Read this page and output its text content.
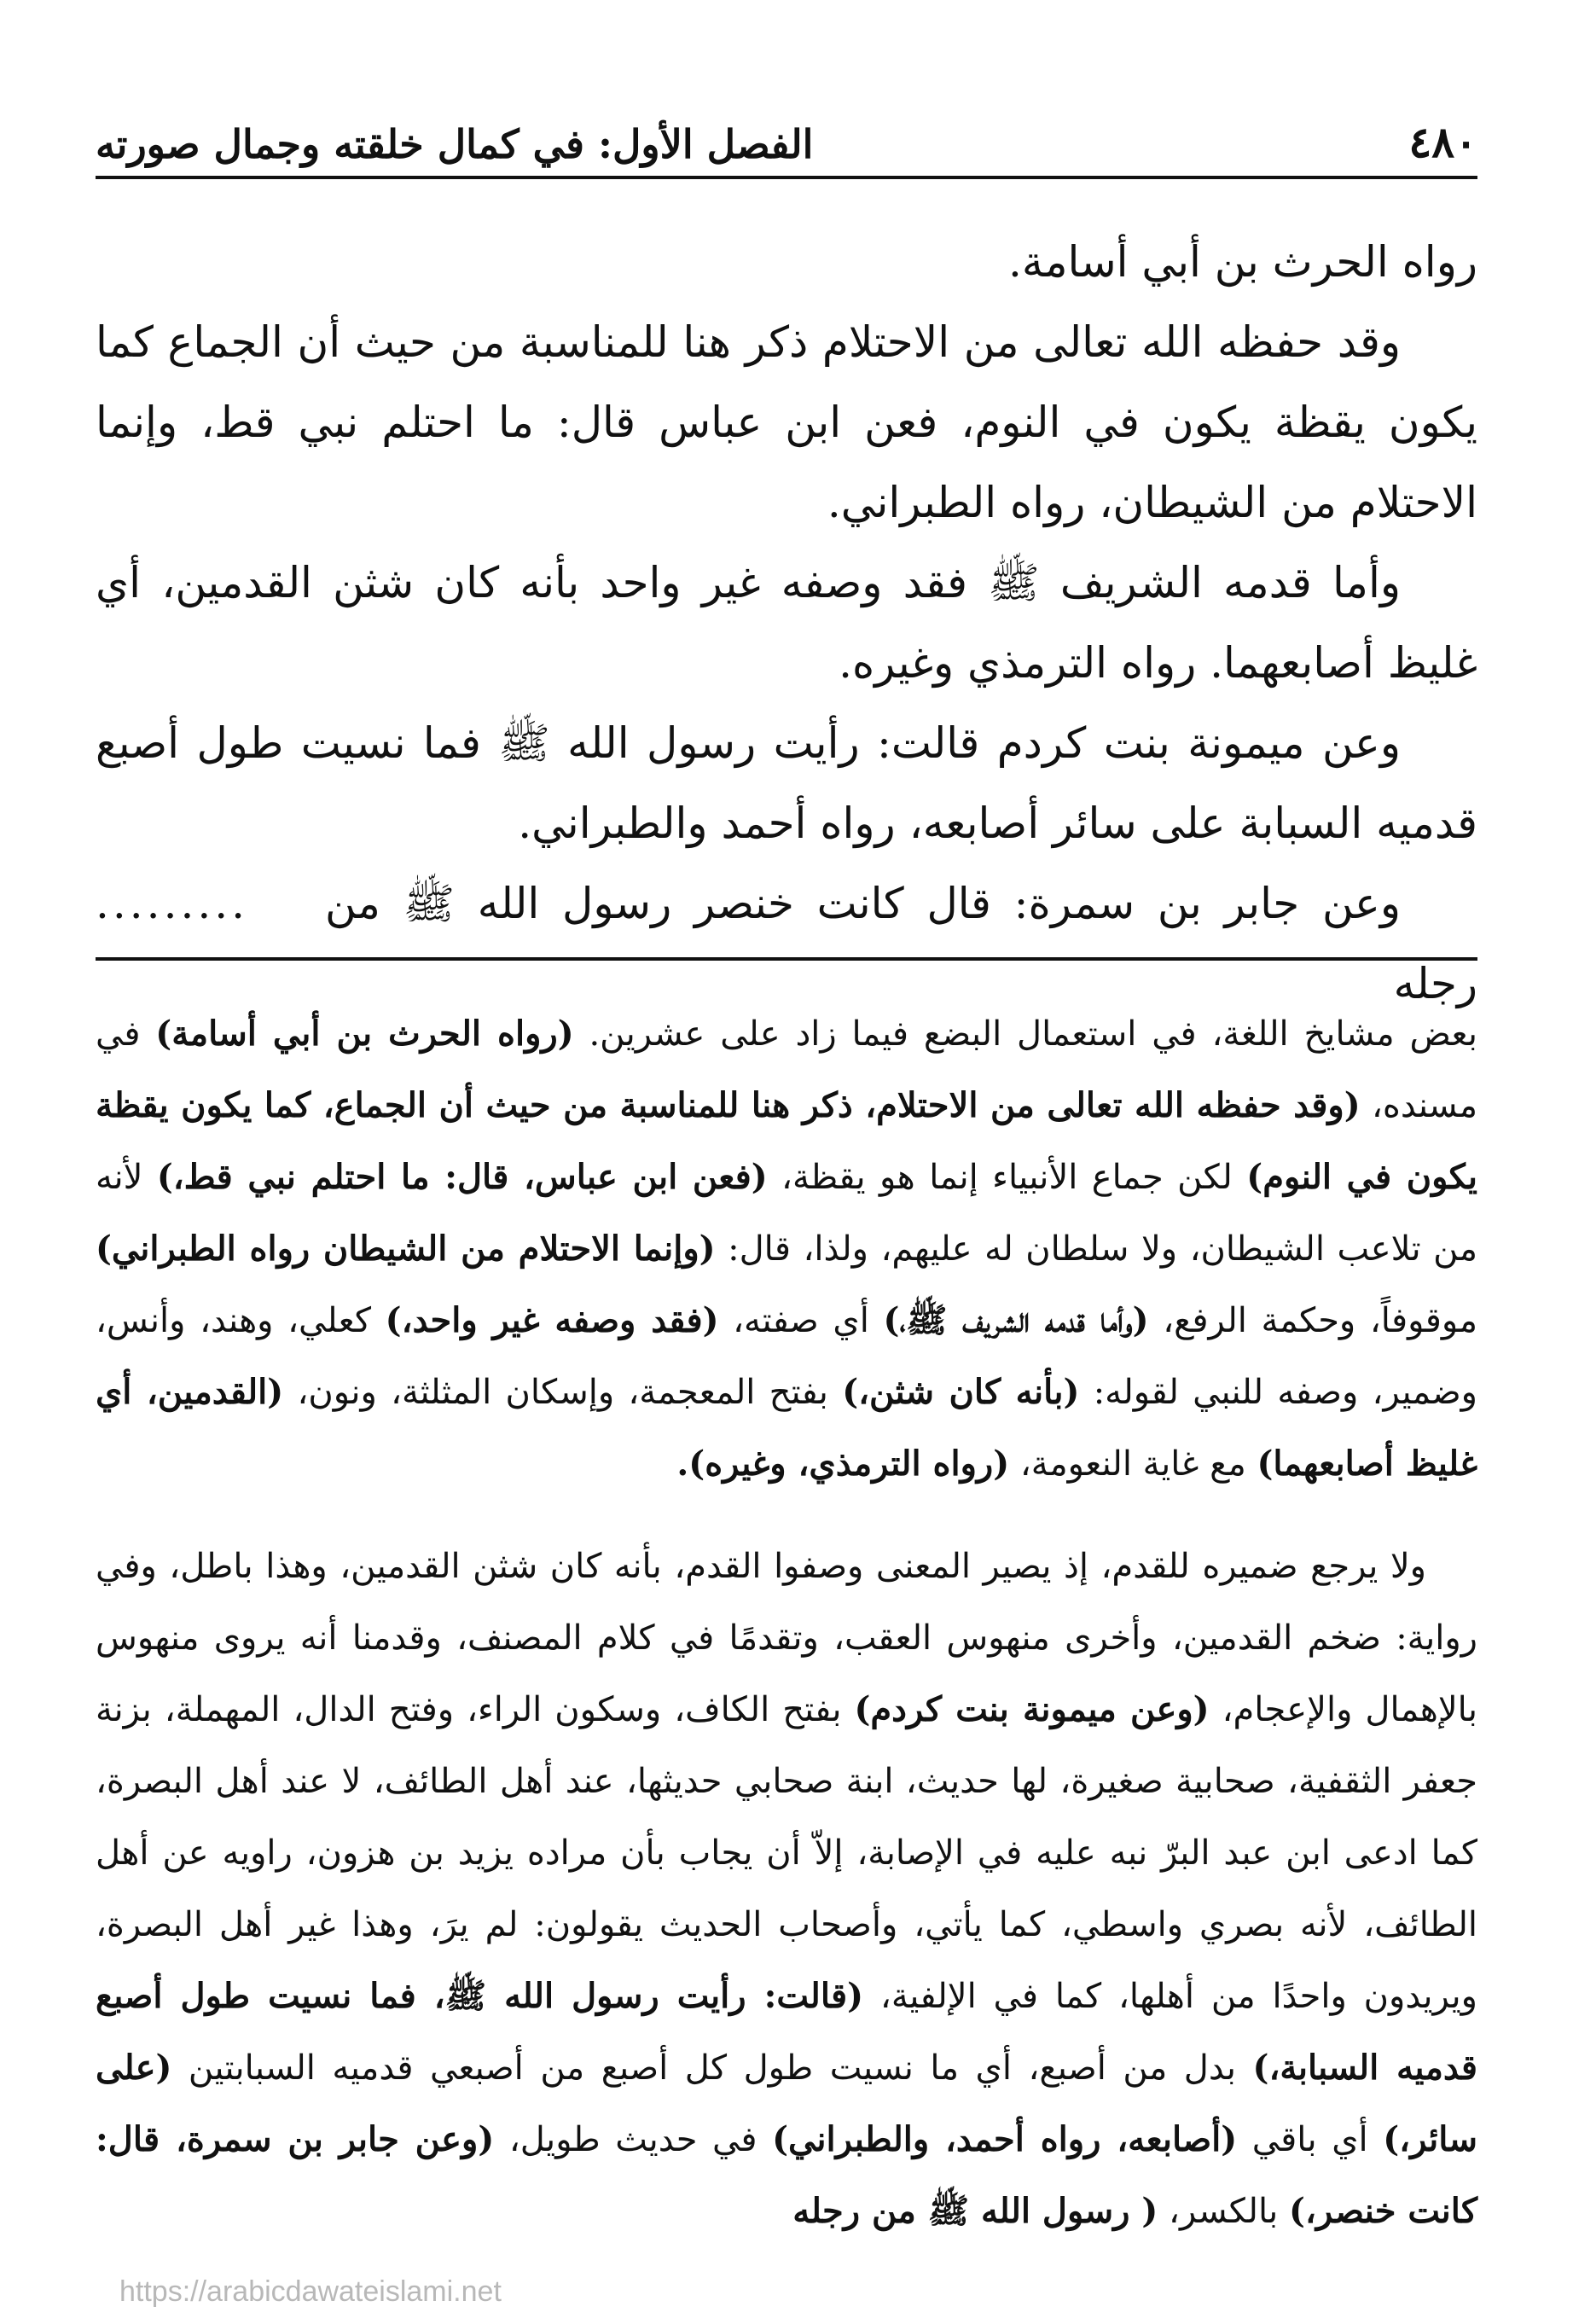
٤٨٠
الفصل الأول: في كمال خلقته وجمال صورته

رواه الحرث بن أبي أسامة.

وقد حفظه الله تعالى من الاحتلام ذكر هنا للمناسبة من حيث أن الجماع كما يكون يقظة يكون في النوم، فعن ابن عباس قال: ما احتلم نبي قط، وإنما الاحتلام من الشيطان، رواه الطبراني.

وأما قدمه الشريف ﷺ فقد وصفه غير واحد بأنه كان شثن القدمين، أي غليظ أصابعهما. رواه الترمذي وغيره.

وعن ميمونة بنت كردم قالت: رأيت رسول الله ﷺ فما نسيت طول أصبع قدميه السبابة على سائر أصابعه، رواه أحمد والطبراني.

وعن جابر بن سمرة: قال كانت خنصر رسول الله ﷺ من رجله
.........

بعض مشايخ اللغة، في استعمال البضع فيما زاد على عشرين. (رواه الحرث بن أبي أسامة) في مسنده، (وقد حفظه الله تعالى من الاحتلام، ذكر هنا للمناسبة من حيث أن الجماع، كما يكون يقظة يكون في النوم) لكن جماع الأنبياء إنما هو يقظة، (فعن ابن عباس، قال: ما احتلم نبي قط،) لأنه من تلاعب الشيطان، ولا سلطان له عليهم، ولذا، قال: (وإنما الاحتلام من الشيطان رواه الطبراني) موقوفاً، وحكمة الرفع، (وأما قدمه الشريف ﷺ،) أي صفته، (فقد وصفه غير واحد،) كعلي، وهند، وأنس، وضمير، وصفه للنبي لقوله: (بأنه كان شثن،) بفتح المعجمة، وإسكان المثلثة، ونون، (القدمين، أي غليظ أصابعهما) مع غاية النعومة، (رواه الترمذي، وغيره).

ولا يرجع ضميره للقدم، إذ يصير المعنى وصفوا القدم، بأنه كان شثن القدمين، وهذا باطل، وفي رواية: ضخم القدمين، وأخرى منهوس العقب، وتقدمًا في كلام المصنف، وقدمنا أنه يروى منهوس بالإهمال والإعجام، (وعن ميمونة بنت كردم) بفتح الكاف، وسكون الراء، وفتح الدال، المهملة، بزنة جعفر الثقفية، صحابية صغيرة، لها حديث، ابنة صحابي حديثها، عند أهل الطائف، لا عند أهل البصرة، كما ادعى ابن عبد البرّ نبه عليه في الإصابة، إلاّ أن يجاب بأن مراده يزيد بن هزون، راويه عن أهل الطائف، لأنه بصري واسطي، كما يأتي، وأصحاب الحديث يقولون: لم يرَ، وهذا غير أهل البصرة، ويريدون واحدًا من أهلها، كما في الإلفية، (قالت: رأيت رسول الله ﷺ، فما نسيت طول أصبع قدميه السبابة،) بدل من أصبع، أي ما نسيت طول كل أصبع من أصبعي قدميه السبابتين (على سائر،) أي باقي (أصابعه، رواه أحمد، والطبراني) في حديث طويل، (وعن جابر بن سمرة، قال: كانت خنصر،) بالكسر، ( رسول الله ﷺ من رجله

https://arabicdawateislami.net
